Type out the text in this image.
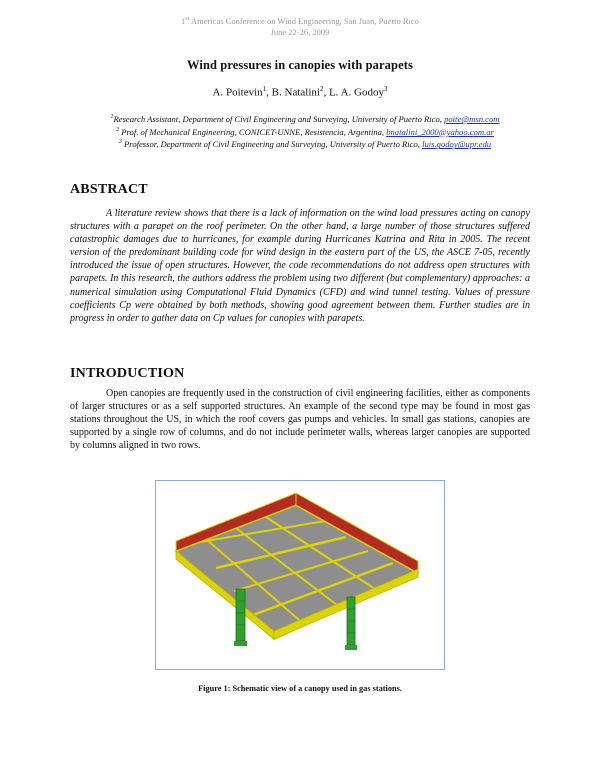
1st Americas Conference on Wind Engineering, San Juan, Puerto Rico
June 22-26, 2009
Wind pressures in canopies with parapets
A. Poitevin$^1$, B. Natalini$^2$, L. A. Godoy$^3$
$^1$Research Assistant, Department of Civil Engineering and Surveying, University of Puerto Rico, poite@msn.com
$^2$ Prof. of Mechanical Engineering, CONICET-UNNE, Resistencia, Argentina, bnatalini_2000@yahoo.com.ar
$^3$ Professor, Department of Civil Engineering and Surveying, University of Puerto Rico, luis.godoy@upr.edu
ABSTRACT

A literature review shows that there is a lack of information on the wind load pressures acting on canopy structures with a parapet on the roof perimeter. On the other hand, a large number of those structures suffered catastrophic damages due to hurricanes, for example during Hurricanes Katrina and Rita in 2005. The recent version of the predominant building code for wind design in the eastern part of the US, the ASCE 7-05, recently introduced the issue of open structures. However, the code recommendations do not address open structures with parapets. In this research, the authors address the problem using two different (but complementary) approaches: a numerical simulation using Computational Fluid Dynamics (CFD) and wind tunnel testing. Values of pressure coefficients Cp were obtained by both methods, showing good agreement between them. Further studies are in progress in order to gather data on Cp values for canopies with parapets.

INTRODUCTION

Open canopies are frequently used in the construction of civil engineering facilities, either as components of larger structures or as a self supported structures. An example of the second type may be found in most gas stations throughout the US, in which the roof covers gas pumps and vehicles. In small gas stations, canopies are supported by a single row of columns, and do not include perimeter walls, whereas larger canopies are supported by columns aligned in two rows.

Figure 1: Schematic view of a canopy used in gas stations.
